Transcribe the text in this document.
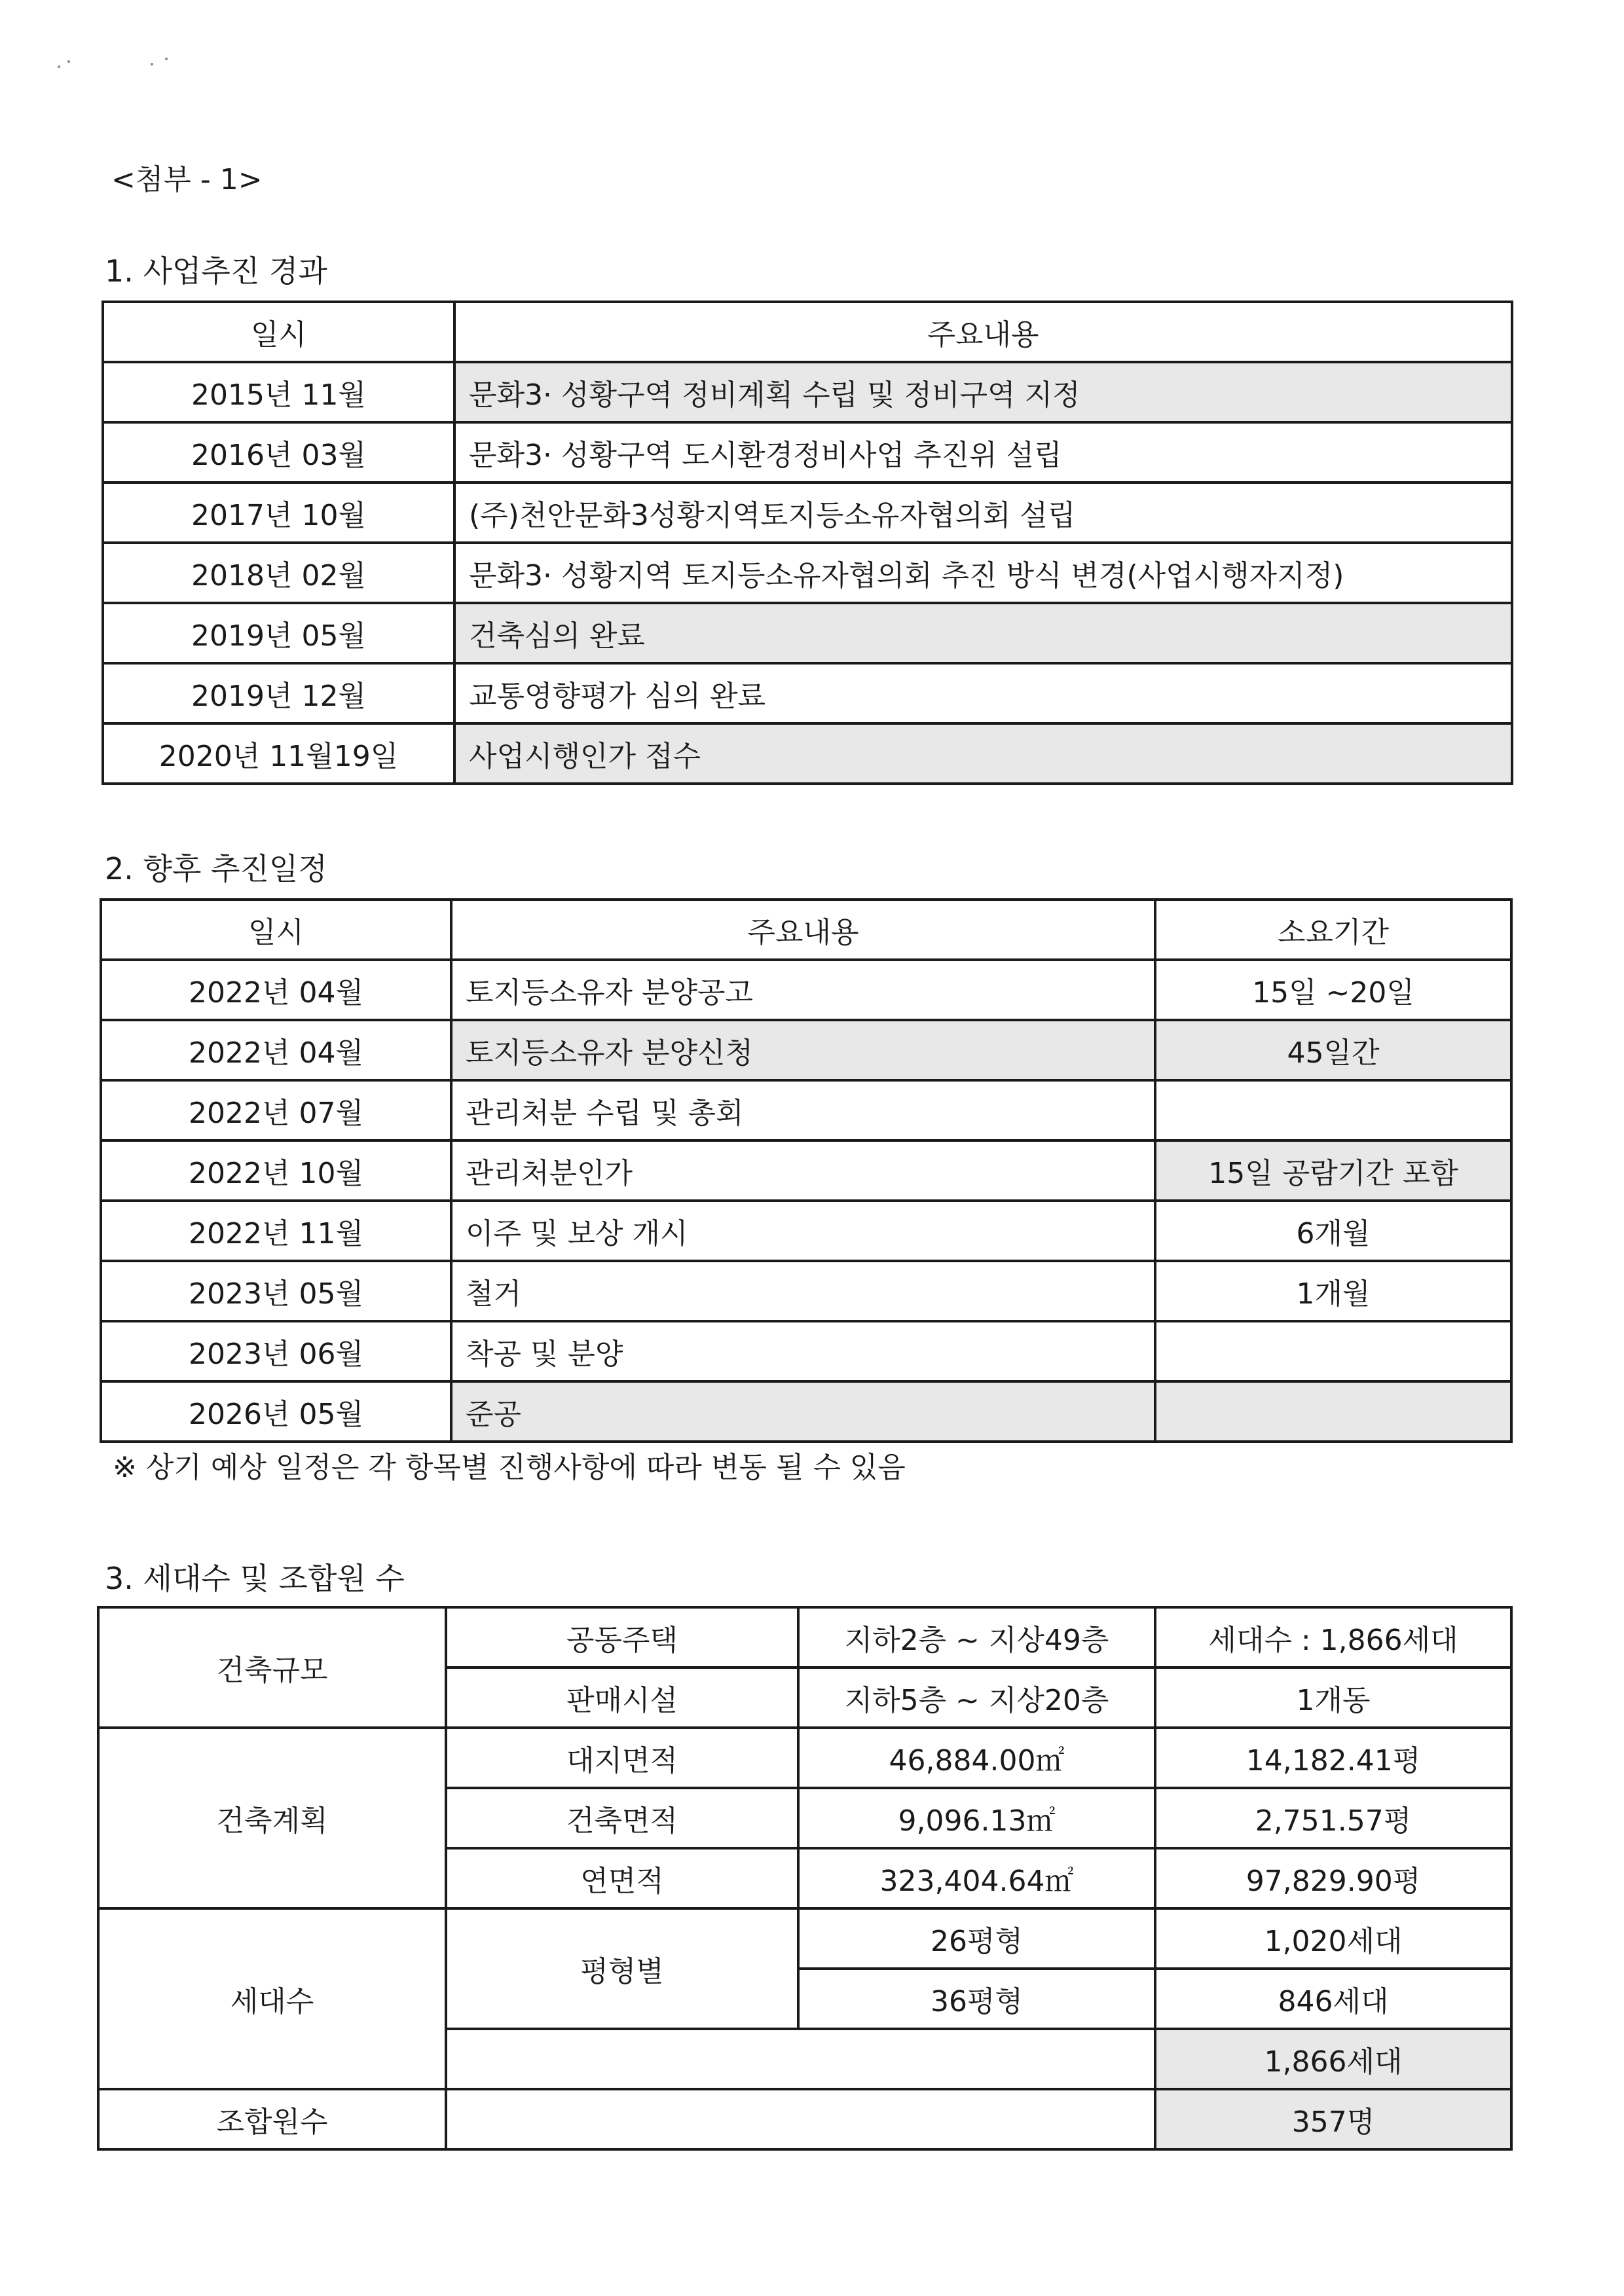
<첨부 - 1>
1. 사업추진 경과
일시	주요내용
2015년 11월	문화3· 성황구역 정비계획 수립 및 정비구역 지정
2016년 03월	문화3· 성황구역 도시환경정비사업 추진위 설립
2017년 10월	(주)천안문화3성황지역토지등소유자협의회 설립
2018년 02월	문화3· 성황지역 토지등소유자협의회 추진 방식 변경(사업시행자지정)
2019년 05월	건축심의 완료
2019년 12월	교통영향평가 심의 완료
2020년 11월19일	사업시행인가 접수
2. 향후 추진일정
일시	주요내용	소요기간
2022년 04월	토지등소유자 분양공고	15일 ~20일
2022년 04월	토지등소유자 분양신청	45일간
2022년 07월	관리처분 수립 및 총회	
2022년 10월	관리처분인가	15일 공람기간 포함
2022년 11월	이주 및 보상 개시	6개월
2023년 05월	철거	1개월
2023년 06월	착공 및 분양	
2026년 05월	준공	
※ 상기 예상 일정은 각 항목별 진행사항에 따라 변동 될 수 있음
3. 세대수 및 조합원 수
건축규모	공동주택	지하2층 ~ 지상49층	세대수 : 1,866세대
	판매시설	지하5층 ~ 지상20층	1개동
건축계획	대지면적	46,884.00㎡	14,182.41평
	건축면적	9,096.13㎡	2,751.57평
	연면적	323,404.64㎡	97,829.90평
세대수	평형별	26평형	1,020세대
		36평형	846세대
			1,866세대
조합원수			357명
